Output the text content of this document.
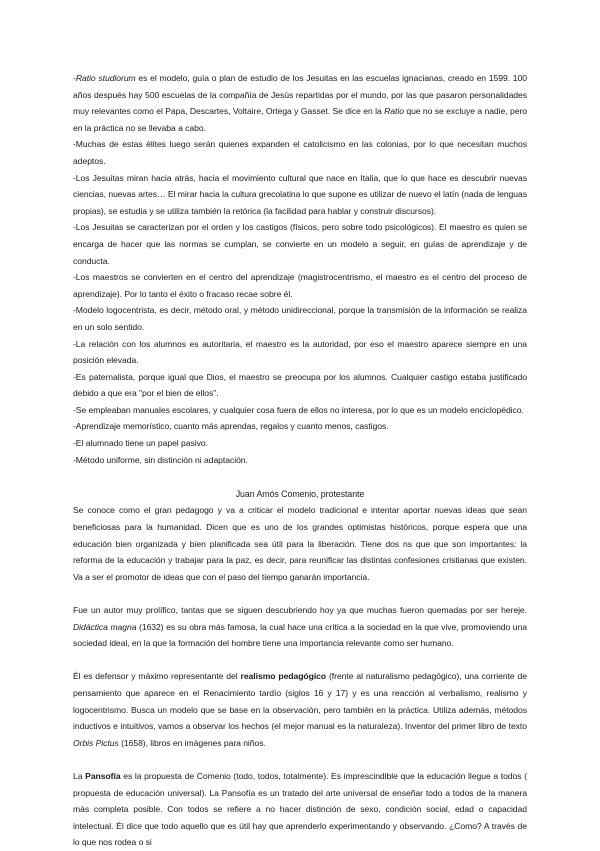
-Ratio studiorum es el modelo, guía o plan de estudio de los Jesuitas en las escuelas ignacianas, creado en 1599. 100 años después hay 500 escuelas de la compañía de Jesús repartidas por el mundo, por las que pasaron personalidades muy relevantes como el Papa, Descartes, Voltaire, Ortega y Gasset. Se dice en la Ratio que no se excluye a nadie, pero en la práctica no se llevaba a cabo.

-Muchas de estas élites luego serán quienes expanden el catolicismo en las colonias, por lo que necesitan muchos adeptos.

-Los Jesuitas miran hacia atrás, hacia el movimiento cultural que nace en Italia, que lo que hace es descubrir nuevas ciencias, nuevas artes… El mirar hacia la cultura grecolatina lo que supone es utilizar de nuevo el latín (nada de lenguas propias), se estudia y se utiliza también la retórica (la facilidad para hablar y construir discursos).

-Los Jesuitas se caracterizan por el orden y los castigos (físicos, pero sobre todo psicológicos). El maestro es quien se encarga de hacer que las normas se cumplan, se convierte en un modelo a seguir, en guías de aprendizaje y de conducta.

-Los maestros se convierten en el centro del aprendizaje (magistrocentrismo, el maestro es el centro del proceso de aprendizaje). Por lo tanto el éxito o fracaso recae sobre él.

-Modelo logocentrista, es decir, método oral, y método unidireccional, porque la transmisión de la información se realiza en un solo sentido.

-La relación con los alumnos es autoritaria, el maestro es la autoridad, por eso el maestro aparece siempre en una posición elevada.

-Es paternalista, porque igual que Dios, el maestro se preocupa por los alumnos. Cualquier castigo estaba justificado debido a que era "por el bien de ellos".

-Se empleaban manuales escolares, y cualquier cosa fuera de ellos no interesa, por lo que es un modelo enciclopédico.

-Aprendizaje memorístico, cuanto más aprendas, regalos y cuanto menos, castigos.

-El alumnado tiene un papel pasivo.

-Método uniforme, sin distinción ni adaptación.

Juan Amós Comenio, protestante

Se conoce como el gran pedagogo y va a criticar el modelo tradicional e intentar aportar nuevas ideas que sean beneficiosas para la humanidad. Dicen que es uno de los grandes optimistas históricos, porque espera que una educación bien organizada y bien planificada sea útil para la liberación. Tiene dos ns que que son importantes: la reforma de la educación y trabajar para la paz, es decir, para reunificar las distintas confesiones cristianas que existen. Va a ser el promotor de ideas que con el paso del tiempo ganarán importancia.

Fue un autor muy prolífico, tantas que se siguen descubriendo hoy ya que muchas fueron quemadas por ser hereje. Didáctica magna (1632) es su obra más famosa, la cual hace una crítica a la sociedad en la que vive, promoviendo una sociedad ideal, en la que la formación del hombre tiene una importancia relevante como ser humano.

Él es defensor y máximo representante del realismo pedagógico (frente al naturalismo pedagógico), una corriente de pensamiento que aparece en el Renacimiento tardío (siglos 16 y 17) y es una reacción al verbalismo, realismo y logocentrismo. Busca un modelo que se base en la observación, pero también en la práctica. Utiliza además, métodos inductivos e intuitivos, vamos a observar los hechos (el mejor manual es la naturaleza). Inventor del primer libro de texto Orbis Pictus (1658), libros en imágenes para niños.

La Pansofía es la propuesta de Comenio (todo, todos, totalmente). Es imprescindible que la educación llegue a todos ( propuesta de educación universal). La Pansofía es un tratado del arte universal de enseñar todo a todos de la manera más completa posible. Con todos se refiere a no hacer distinción de sexo, condición social, edad o capacidad intelectual. Él dice que todo aquello que es útil hay que aprenderlo experimentando y observando. ¿Como? A través de lo que nos rodea o si
